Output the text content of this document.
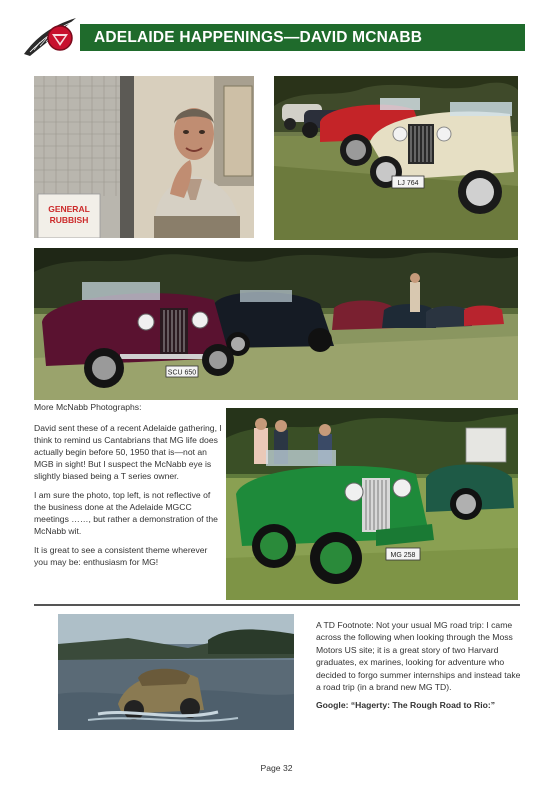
ADELAIDE HAPPENINGS—DAVID MCNABB
GENERAL
RUBBISH
LJ 764
SCU 650
MG 258
More McNabb Photographs:

David sent these of a recent Adelaide gathering, I think to remind us Cantabrians that MG life does actually begin before 50, 1950 that is—not an MGB in sight! But I suspect the McNabb eye is slightly biased being a T series owner.

I am sure the photo, top left, is not reflective of the business done at the Adelaide MGCC meetings ……, but rather a demonstration of the McNabb wit.

It is great to see a consistent theme wherever you may be: enthusiasm for MG!

A TD Footnote: Not your usual MG road trip: I came across the following when looking through the Moss Motors US site; it is a great story of two Harvard graduates, ex marines, looking for adventure who decided to forgo summer internships and instead take a road trip (in a brand new MG TD).

Google: “Hagerty: The Rough Road to Rio:”

Page 32
